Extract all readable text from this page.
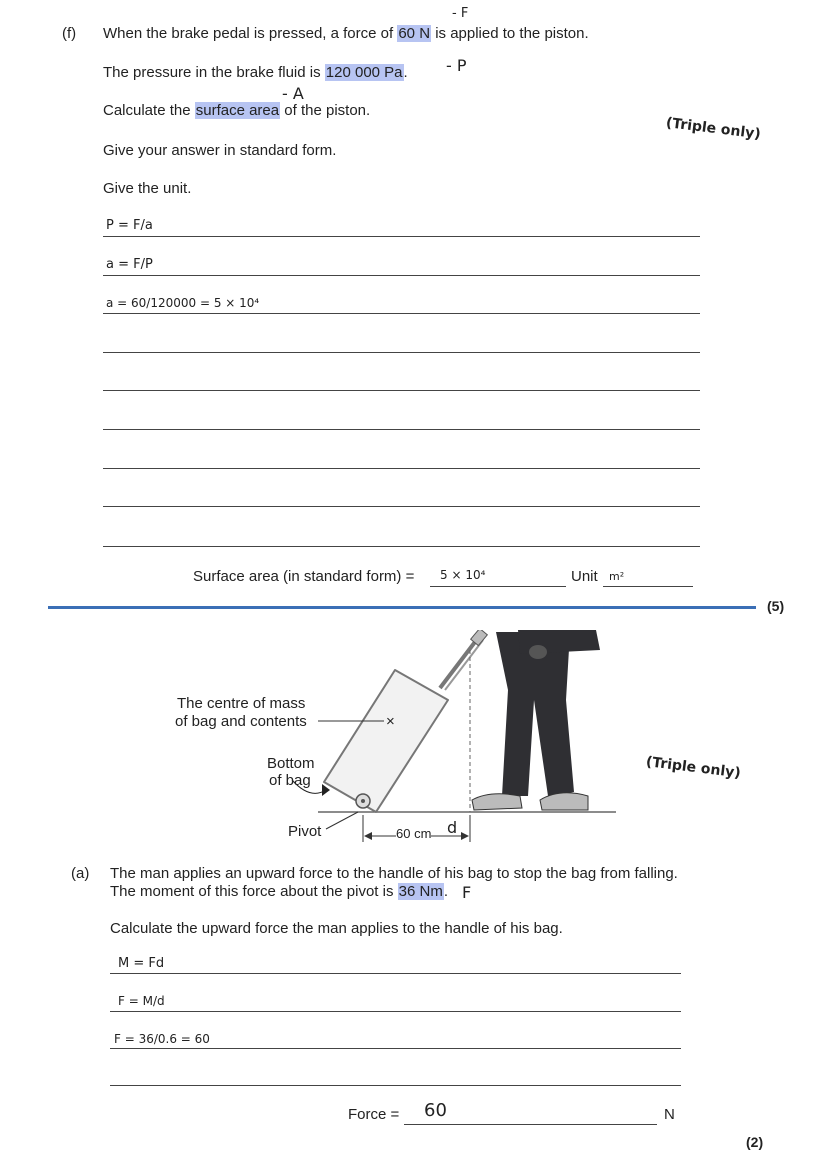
(f) When the brake pedal is pressed, a force of 60 N is applied to the piston.
- F
The pressure in the brake fluid is 120 000 Pa. - P
- A
Calculate the surface area of the piston.
(Triple only)
Give your answer in standard form.
Give the unit.
P = F/a
a = F/P
a = 60/120000 = 5 × 10⁴
Surface area (in standard form) = 5 × 10⁴	Unit m²
(5)
×
The centre of mass
of bag and contents
Bottom
of bag
Pivot	60 cm d
(Triple only)
(a) The man applies an upward force to the handle of his bag to stop the bag from falling.
The moment of this force about the pivot is 36 Nm. F
Calculate the upward force the man applies to the handle of his bag.
M = Fd
F = M/d
F = 36/0.6 = 60
Force = 60	N
(2)
